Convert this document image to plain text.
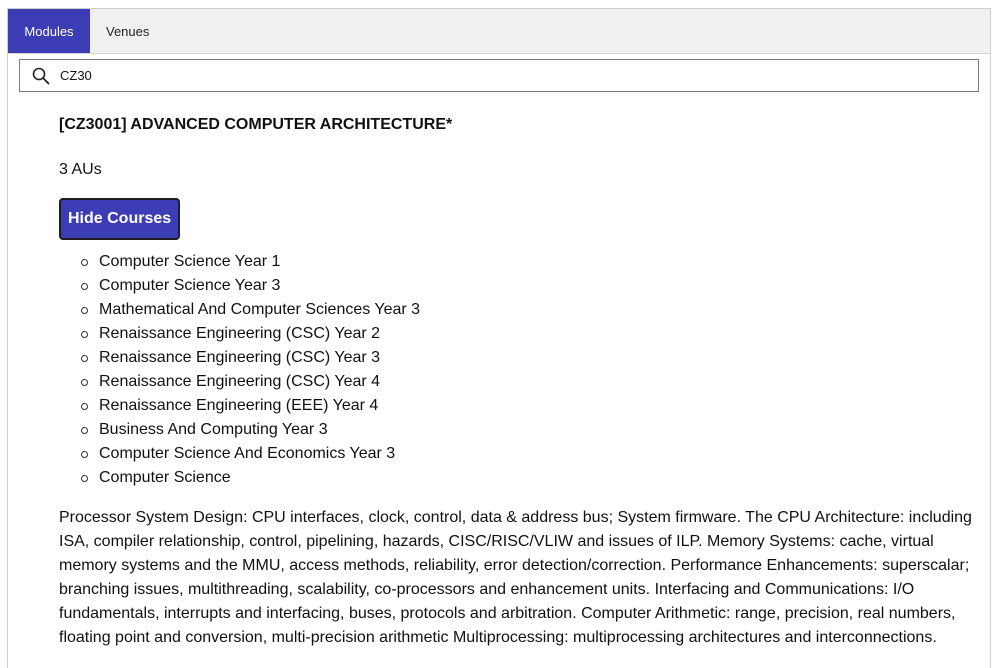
Modules	Venues
CZ30

[CZ3001] ADVANCED COMPUTER ARCHITECTURE*

3 AUs
Hide Courses
Computer Science Year 1
Computer Science Year 3
Mathematical And Computer Sciences Year 3
Renaissance Engineering (CSC) Year 2
Renaissance Engineering (CSC) Year 3
Renaissance Engineering (CSC) Year 4
Renaissance Engineering (EEE) Year 4
Business And Computing Year 3
Computer Science And Economics Year 3
Computer Science
Processor System Design: CPU interfaces, clock, control, data & address bus; System firmware. The CPU Architecture: including ISA, compiler relationship, control, pipelining, hazards, CISC/RISC/VLIW and issues of ILP. Memory Systems: cache, virtual memory systems and the MMU, access methods, reliability, error detection/correction. Performance Enhancements: superscalar; branching issues, multithreading, scalability, co-processors and enhancement units. Interfacing and Communications: I/O fundamentals, interrupts and interfacing, buses, protocols and arbitration. Computer Arithmetic: range, precision, real numbers, floating point and conversion, multi-precision arithmetic Multiprocessing: multiprocessing architectures and interconnections.
